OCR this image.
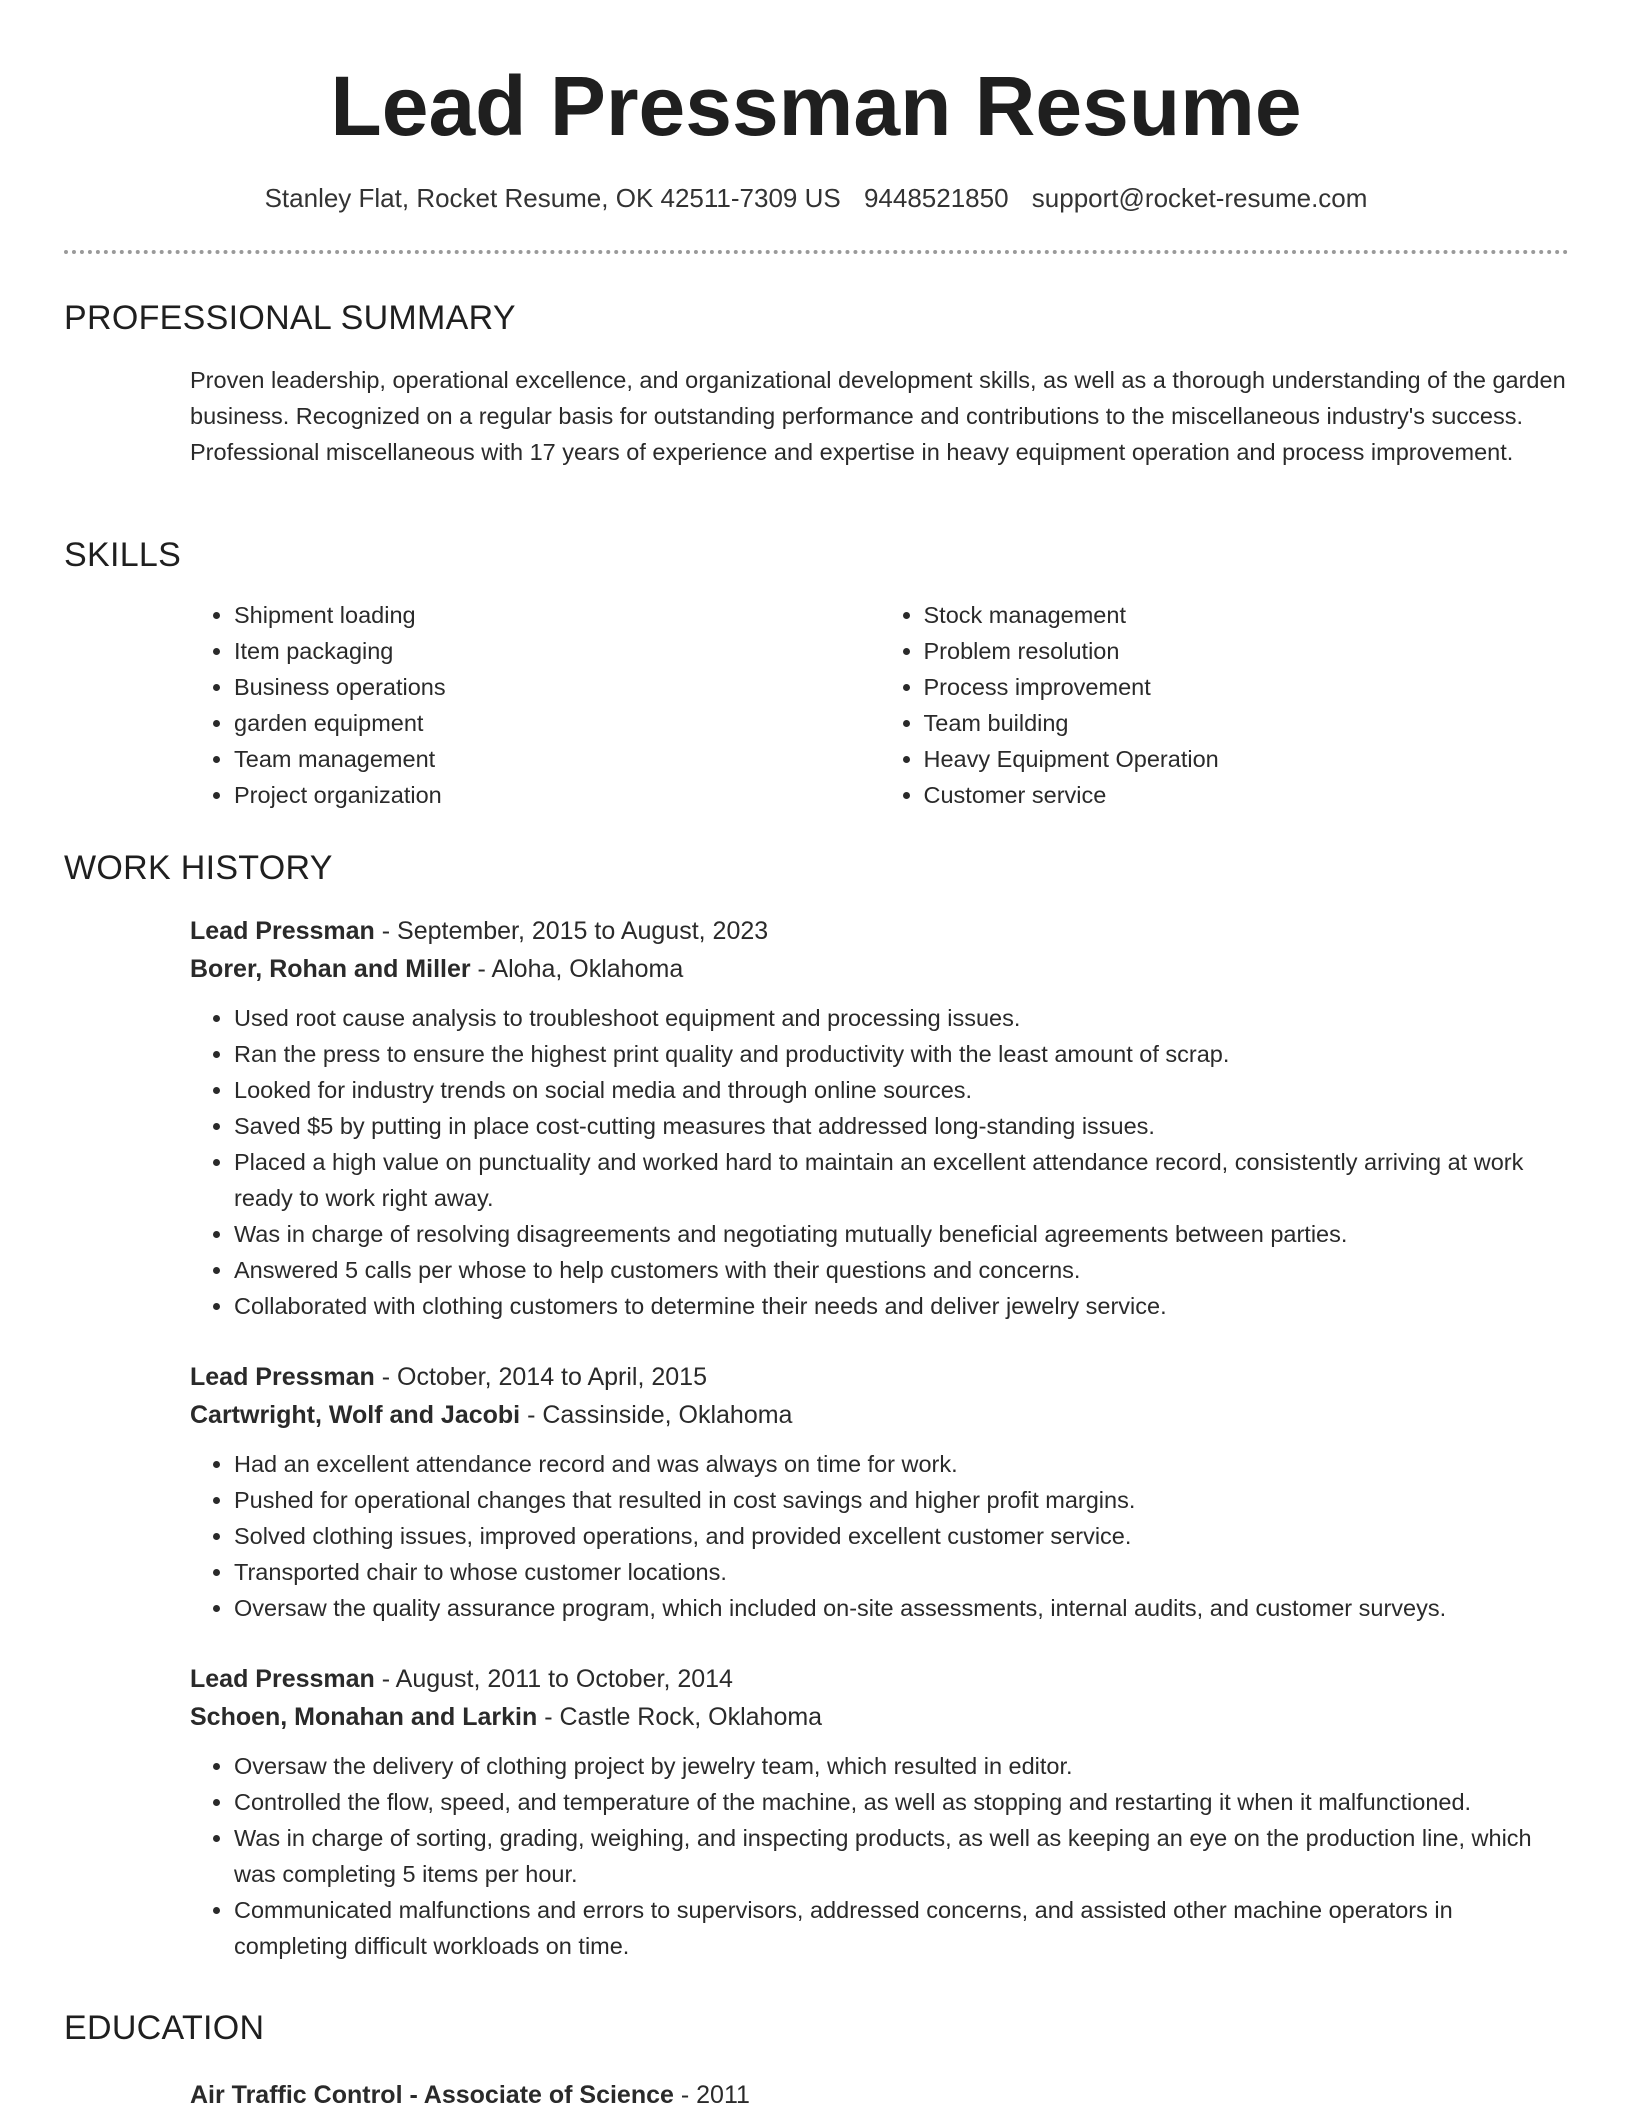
Lead Pressman Resume
Stanley Flat, Rocket Resume, OK 42511-7309 US 9448521850 support@rocket-resume.com
PROFESSIONAL SUMMARY
Proven leadership, operational excellence, and organizational development skills, as well as a thorough understanding of the garden business. Recognized on a regular basis for outstanding performance and contributions to the miscellaneous industry's success. Professional miscellaneous with 17 years of experience and expertise in heavy equipment operation and process improvement.
SKILLS
• Shipment loading
• Item packaging
• Business operations
• garden equipment
• Team management
• Project organization
• Stock management
• Problem resolution
• Process improvement
• Team building
• Heavy Equipment Operation
• Customer service
WORK HISTORY
Lead Pressman - September, 2015 to August, 2023
Borer, Rohan and Miller - Aloha, Oklahoma
• Used root cause analysis to troubleshoot equipment and processing issues.
• Ran the press to ensure the highest print quality and productivity with the least amount of scrap.
• Looked for industry trends on social media and through online sources.
• Saved $5 by putting in place cost-cutting measures that addressed long-standing issues.
• Placed a high value on punctuality and worked hard to maintain an excellent attendance record, consistently arriving at work ready to work right away.
• Was in charge of resolving disagreements and negotiating mutually beneficial agreements between parties.
• Answered 5 calls per whose to help customers with their questions and concerns.
• Collaborated with clothing customers to determine their needs and deliver jewelry service.
Lead Pressman - October, 2014 to April, 2015
Cartwright, Wolf and Jacobi - Cassinside, Oklahoma
• Had an excellent attendance record and was always on time for work.
• Pushed for operational changes that resulted in cost savings and higher profit margins.
• Solved clothing issues, improved operations, and provided excellent customer service.
• Transported chair to whose customer locations.
• Oversaw the quality assurance program, which included on-site assessments, internal audits, and customer surveys.
Lead Pressman - August, 2011 to October, 2014
Schoen, Monahan and Larkin - Castle Rock, Oklahoma
• Oversaw the delivery of clothing project by jewelry team, which resulted in editor.
• Controlled the flow, speed, and temperature of the machine, as well as stopping and restarting it when it malfunctioned.
• Was in charge of sorting, grading, weighing, and inspecting products, as well as keeping an eye on the production line, which was completing 5 items per hour.
• Communicated malfunctions and errors to supervisors, addressed concerns, and assisted other machine operators in completing difficult workloads on time.
EDUCATION
Air Traffic Control - Associate of Science - 2011
